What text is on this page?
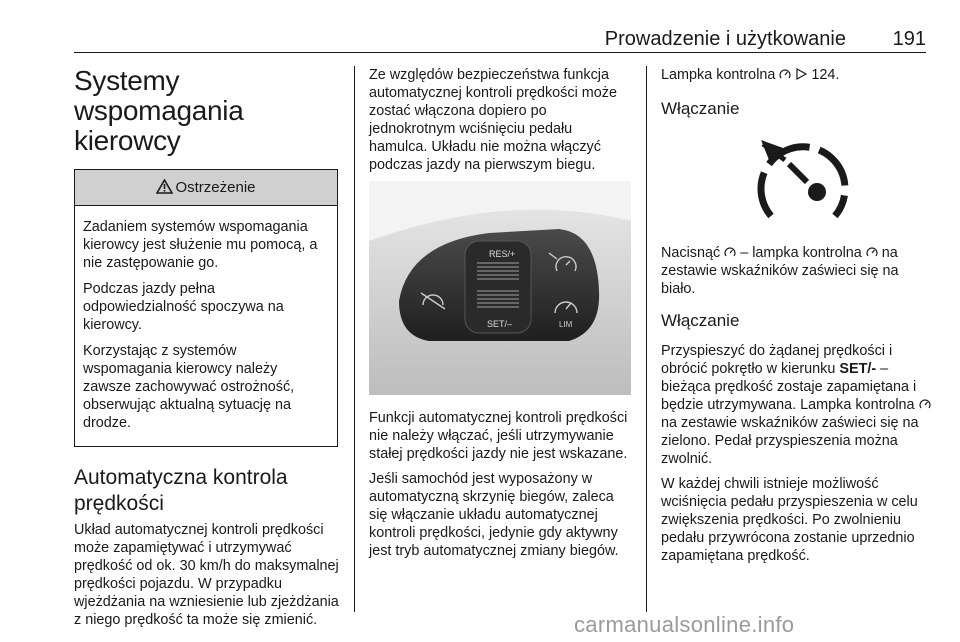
Prowadzenie i użytkowanie 191
Systemy wspomagania kierowcy
Ostrzeżenie

Zadaniem systemów wspomagania kierowcy jest służenie mu pomocą, a nie zastępowanie go.

Podczas jazdy pełna odpowiedzialność spoczywa na kierowcy.

Korzystając z systemów wspomagania kierowcy należy zawsze zachowywać ostrożność, obserwując aktualną sytuację na drodze.

Automatyczna kontrola prędkości

Układ automatycznej kontroli prędkości może zapamiętywać i utrzymywać prędkość od ok. 30 km/h do maksymalnej prędkości pojazdu. W przypadku wjeżdżania na wzniesienie lub zjeżdżania z niego prędkość ta może się zmienić.

Ze względów bezpieczeństwa funkcja automatycznej kontroli prędkości może zostać włączona dopiero po jednokrotnym wciśnięciu pedału hamulca. Układu nie można włączyć podczas jazdy na pierwszym biegu.

RES/+
SET/–	LIM

Funkcji automatycznej kontroli prędkości nie należy włączać, jeśli utrzymywanie stałej prędkości jazdy nie jest wskazane.

Jeśli samochód jest wyposażony w automatyczną skrzynię biegów, zaleca się włączanie układu automatycznej kontroli prędkości, jedynie gdy aktywny jest tryb automatycznej zmiany biegów.

Lampka kontrolna	124.

Włączanie

Nacisnąć – lampka kontrolna na zestawie wskaźników zaświeci się na biało.

Włączanie

Przyspieszyć do żądanej prędkości i obrócić pokrętło w kierunku SET/- – bieżąca prędkość zostaje zapamiętana i będzie utrzymywana. Lampka kontrolna  na zestawie wskaźników zaświeci się na zielono. Pedał przyspieszenia można zwolnić.

W każdej chwili istnieje możliwość wciśnięcia pedału przyspieszenia w celu zwiększenia prędkości. Po zwolnieniu pedału przywrócona zostanie uprzednio zapamiętana prędkość.

carmanualsonline.info
